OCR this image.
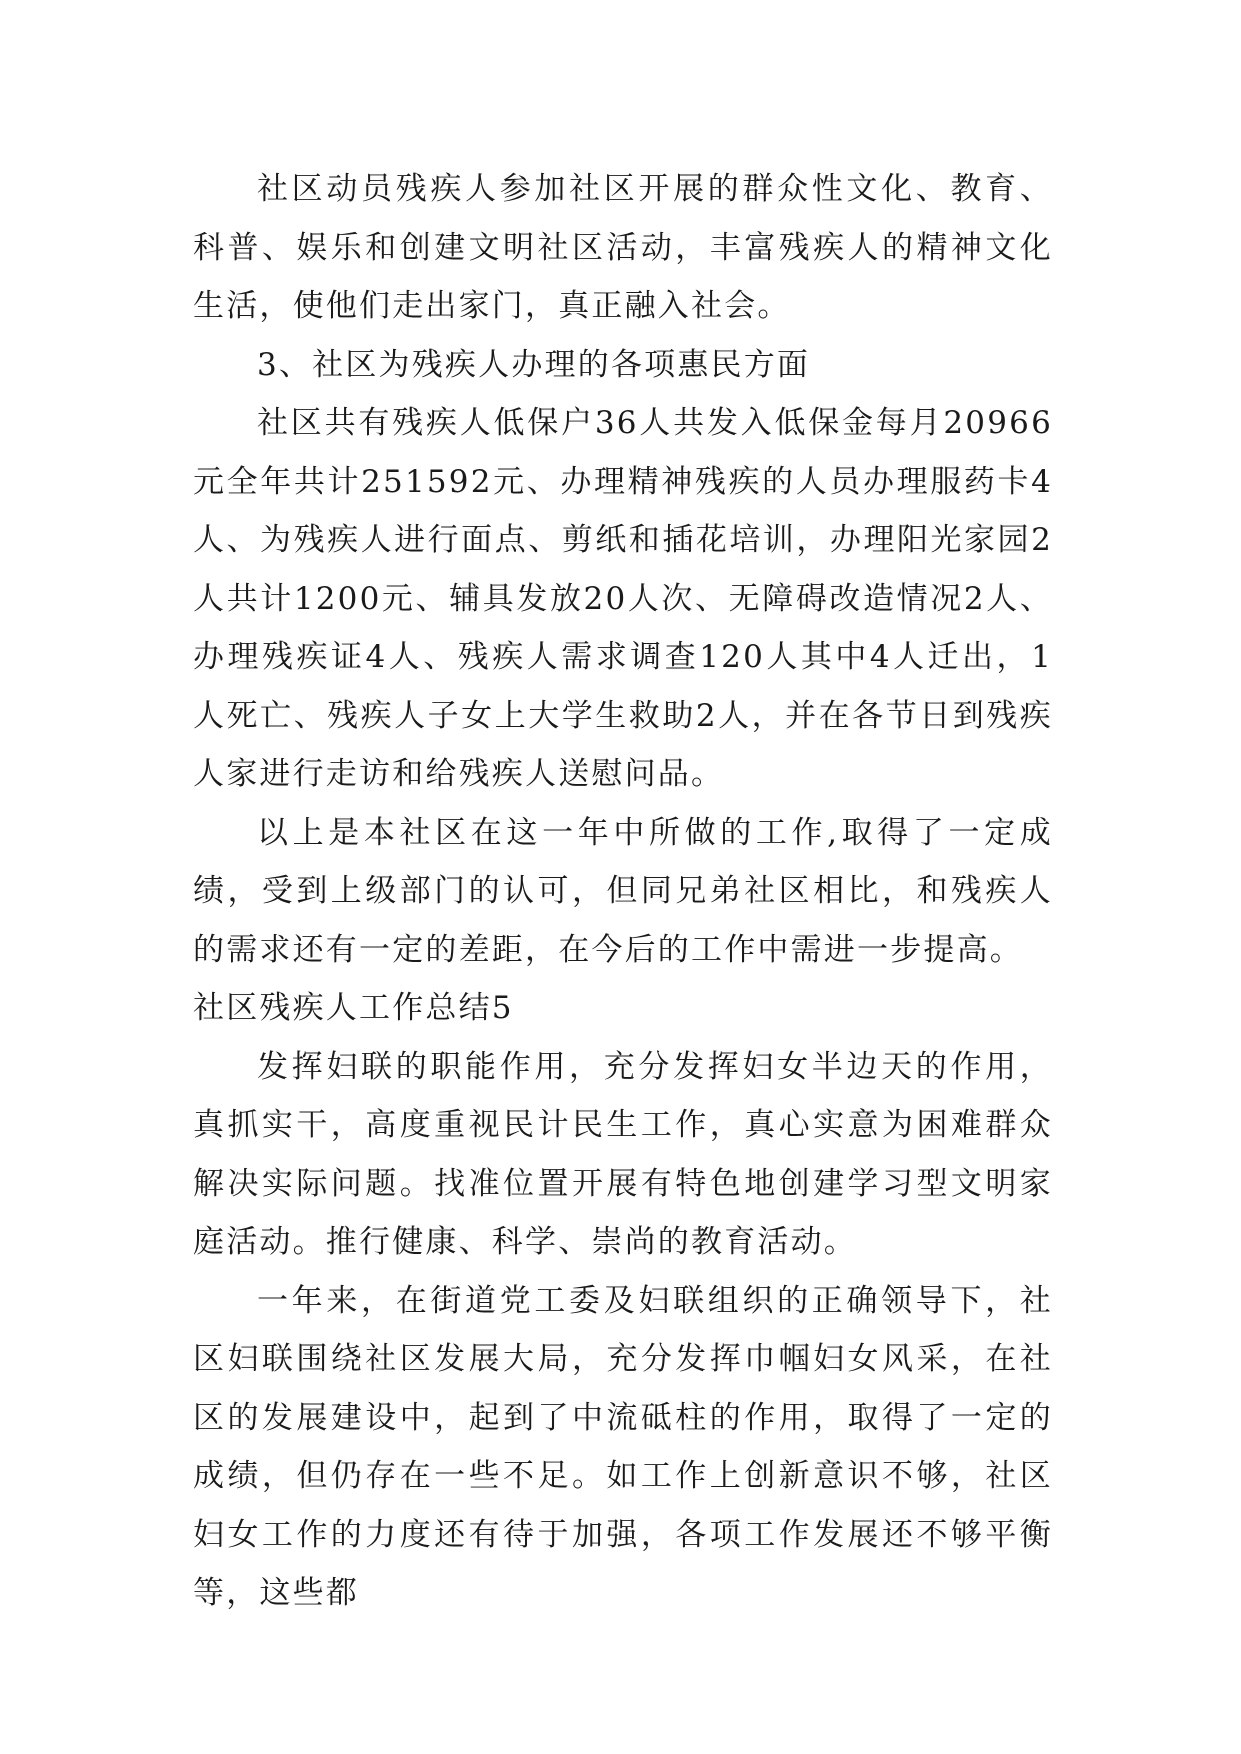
社区动员残疾人参加社区开展的群众性文化、教育、科普、娱乐和创建文明社区活动，丰富残疾人的精神文化生活，使他们走出家门，真正融入社会。

3、社区为残疾人办理的各项惠民方面

社区共有残疾人低保户36人共发入低保金每月20966元全年共计251592元、办理精神残疾的人员办理服药卡4人、为残疾人进行面点、剪纸和插花培训，办理阳光家园2人共计1200元、辅具发放20人次、无障碍改造情况2人、办理残疾证4人、残疾人需求调查120人其中4人迁出，1人死亡、残疾人子女上大学生救助2人，并在各节日到残疾人家进行走访和给残疾人送慰问品。

以上是本社区在这一年中所做的工作,取得了一定成绩，受到上级部门的认可，但同兄弟社区相比，和残疾人的需求还有一定的差距，在今后的工作中需进一步提高。

社区残疾人工作总结5

发挥妇联的职能作用，充分发挥妇女半边天的作用，真抓实干，高度重视民计民生工作，真心实意为困难群众解决实际问题。找准位置开展有特色地创建学习型文明家庭活动。推行健康、科学、崇尚的教育活动。

一年来，在街道党工委及妇联组织的正确领导下，社区妇联围绕社区发展大局，充分发挥巾帼妇女风采，在社区的发展建设中，起到了中流砥柱的作用，取得了一定的成绩，但仍存在一些不足。如工作上创新意识不够，社区妇女工作的力度还有待于加强，各项工作发展还不够平衡等，这些都
